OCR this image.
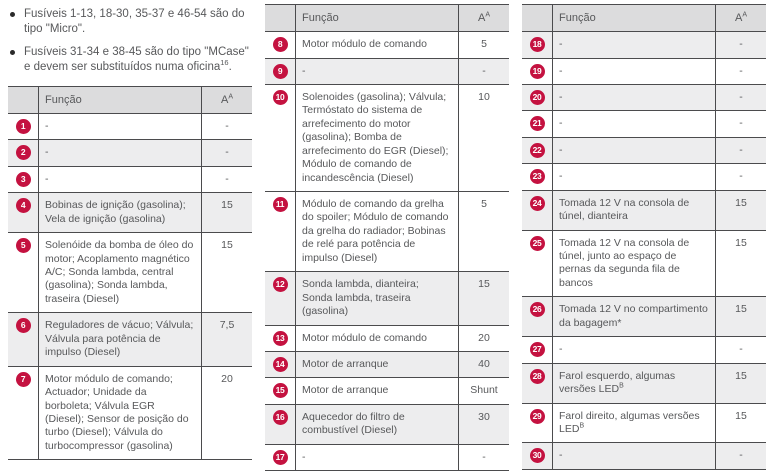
Fusíveis 1-13, 18-30, 35-37 e 46-54 são do tipo "Micro".
Fusíveis 31-34 e 38-45 são do tipo "MCase" e devem ser substituídos numa oficina$^{16}$.
	Função	$A^A$
1	-	-
2	-	-
3	-	-
4	Bobinas de ignição (gasolina); Vela de ignição (gasolina)	15
5	Solenóide da bomba de óleo do motor; Acoplamento magnético A/C; Sonda lambda, central (gasolina); Sonda lambda, traseira (Diesel)	15
6	Reguladores de vácuo; Válvula; Válvula para potência de impulso (Diesel)	7,5
7	Motor módulo de comando; Actuador; Unidade da borboleta; Válvula EGR (Diesel); Sensor de posição do turbo (Diesel); Válvula do turbocompressor (gasolina)	20
	Função	$A^A$
8	Motor módulo de comando	5
9	-	-
10	Solenoides (gasolina); Válvula; Termóstato do sistema de arrefecimento do motor (gasolina); Bomba de arrefecimento do EGR (Diesel); Módulo de comando de incandescência (Diesel)	10
11	Módulo de comando da grelha do spoiler; Módulo de comando da grelha do radiador; Bobinas de relé para potência de impulso (Diesel)	5
12	Sonda lambda, dianteira; Sonda lambda, traseira (gasolina)	15
13	Motor módulo de comando	20
14	Motor de arranque	40
15	Motor de arranque	Shunt
16	Aquecedor do filtro de combustível (Diesel)	30
17	-	-
	Função	$A^A$
18	-	-
19	-	-
20	-	-
21	-	-
22	-	-
23	-	-
24	Tomada 12 V na consola de túnel, dianteira	15
25	Tomada 12 V na consola de túnel, junto ao espaço de pernas da segunda fila de bancos	15
26	Tomada 12 V no compartimento da bagagem*	15
27	-	-
28	Farol esquerdo, algumas versões $LED^B$	15
29	Farol direito, algumas versões $LED^B$	15
30	-	-
